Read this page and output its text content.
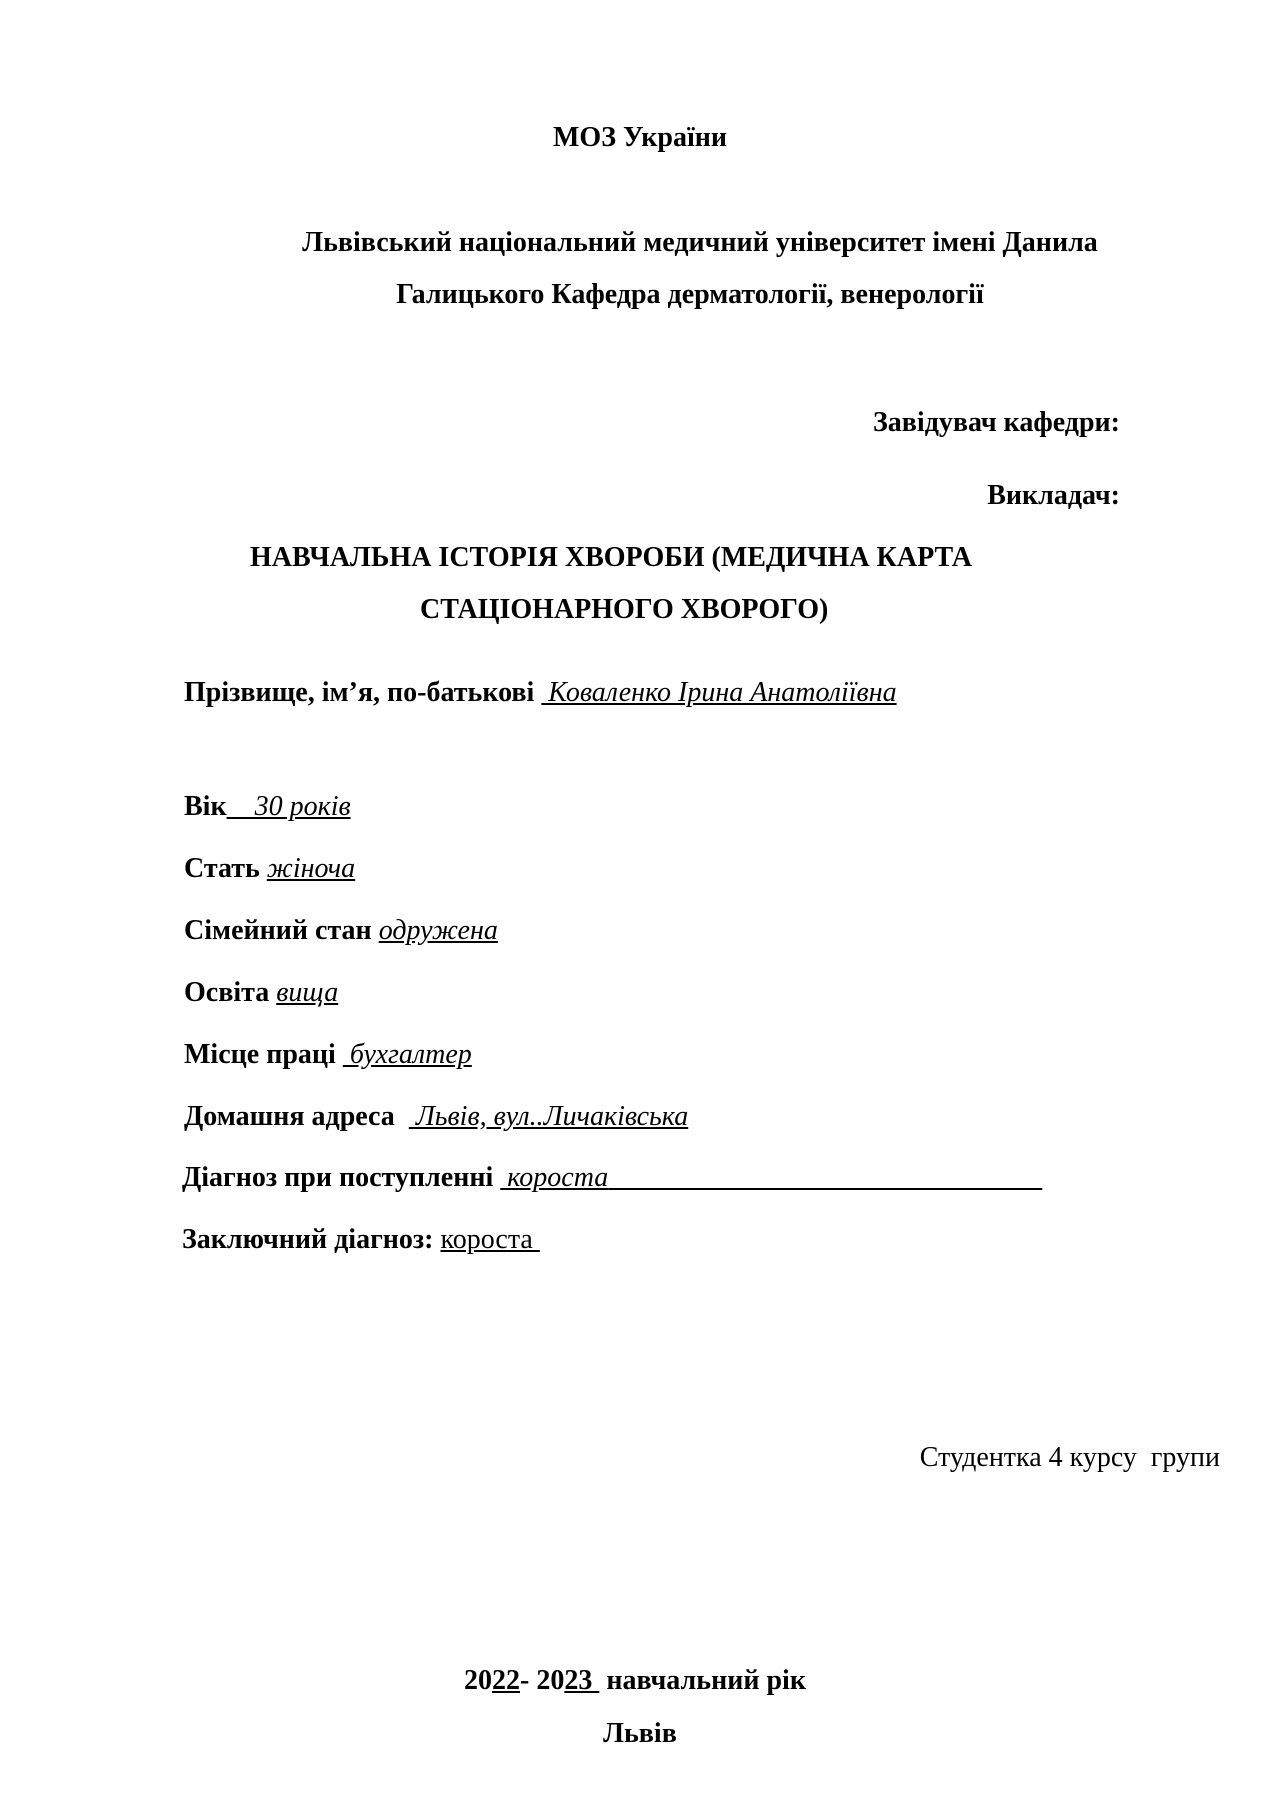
МОЗ України
Львівський національний медичний університет імені Данила
Галицького Кафедра дерматології, венерології
Завідувач кафедри:
Викладач:
НАВЧАЛЬНА ІСТОРІЯ ХВОРОБИ (МЕДИЧНА КАРТА
СТАЦІОНАРНОГО ХВОРОГО)
Прізвище, ім’я, по-батькові  Коваленко Ірина Анатоліївна
Вік    30 років
Стать жіноча
Сімейний стан одружена
Освіта вища
Місце праці  бухгалтер
Домашня адреса   Львів, вул..Личаківська
Діагноз при поступленні  короста
Заключний діагноз: короста
Студентка 4 курсу  групи
2022- 2023  навчальний рік
Львів
